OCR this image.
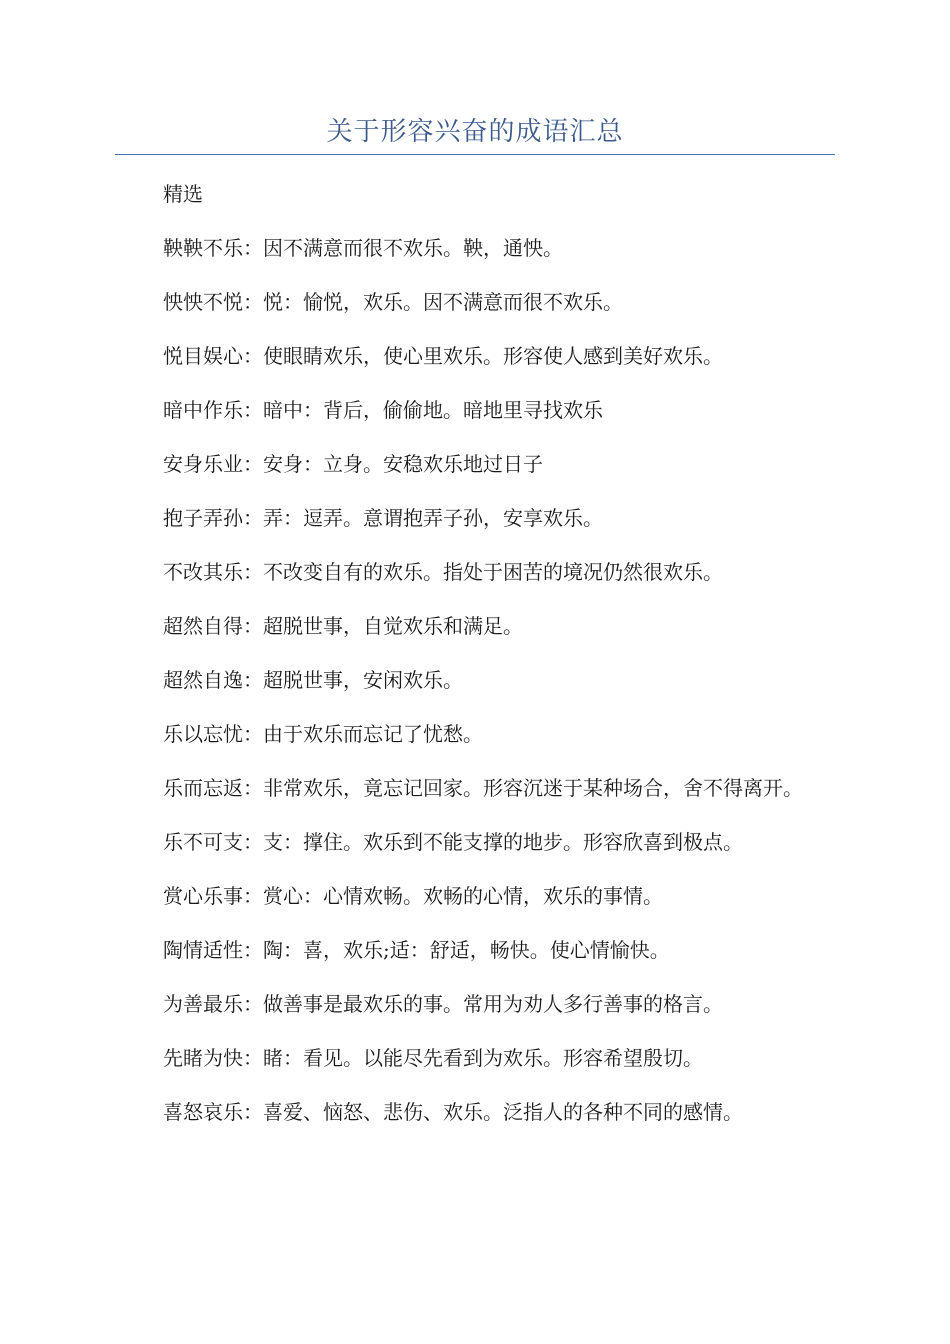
关于形容兴奋的成语汇总

精选

鞅鞅不乐：因不满意而很不欢乐。鞅，通怏。

怏怏不悦：悦：愉悦，欢乐。因不满意而很不欢乐。

悦目娱心：使眼睛欢乐，使心里欢乐。形容使人感到美好欢乐。

暗中作乐：暗中：背后，偷偷地。暗地里寻找欢乐

安身乐业：安身：立身。安稳欢乐地过日子

抱子弄孙：弄：逗弄。意谓抱弄子孙，安享欢乐。

不改其乐：不改变自有的欢乐。指处于困苦的境况仍然很欢乐。

超然自得：超脱世事，自觉欢乐和满足。

超然自逸：超脱世事，安闲欢乐。

乐以忘忧：由于欢乐而忘记了忧愁。

乐而忘返：非常欢乐，竟忘记回家。形容沉迷于某种场合，舍不得离开。

乐不可支：支：撑住。欢乐到不能支撑的地步。形容欣喜到极点。

赏心乐事：赏心：心情欢畅。欢畅的心情，欢乐的事情。

陶情适性：陶：喜，欢乐;适：舒适，畅快。使心情愉快。

为善最乐：做善事是最欢乐的事。常用为劝人多行善事的格言。

先睹为快：睹：看见。以能尽先看到为欢乐。形容希望殷切。

喜怒哀乐：喜爱、恼怒、悲伤、欢乐。泛指人的各种不同的感情。
